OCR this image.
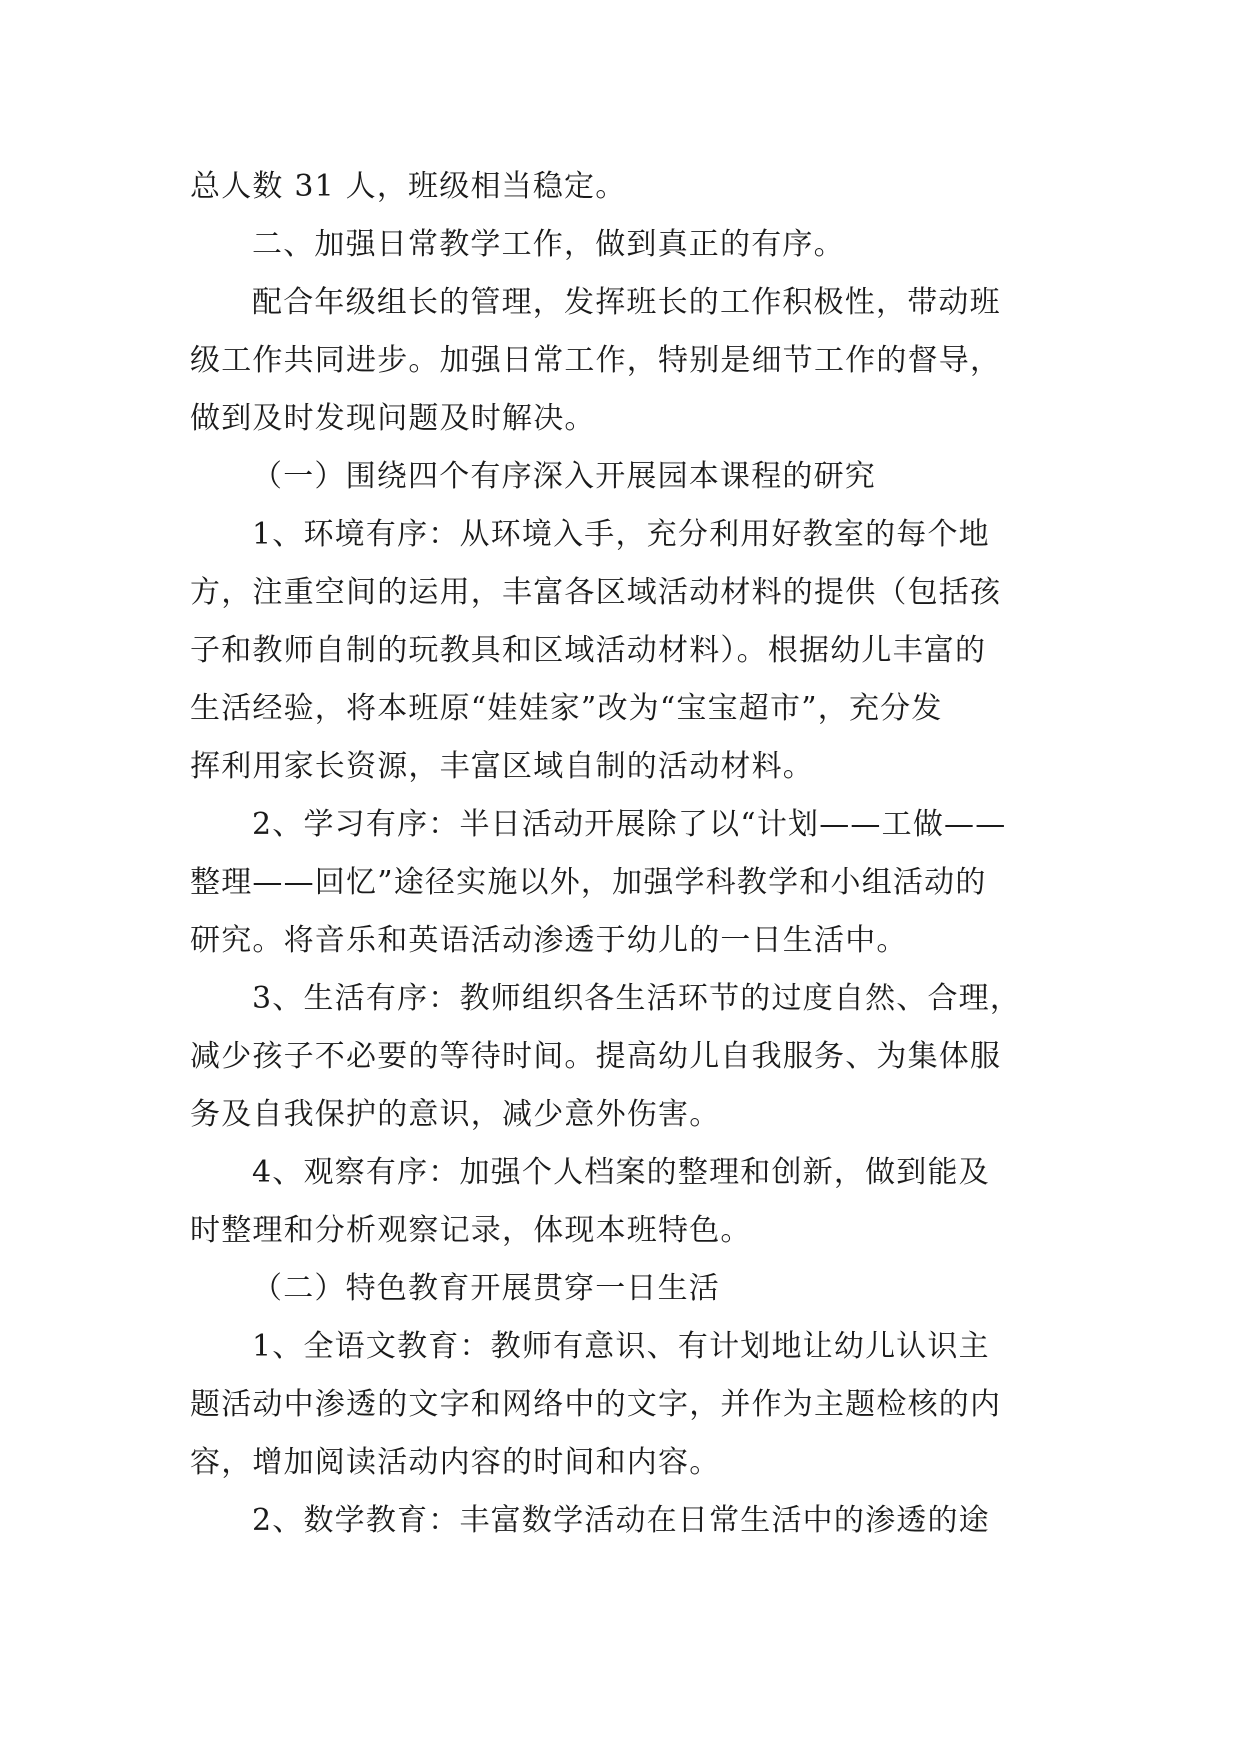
总人数 31 人，班级相当稳定。
二、加强日常教学工作，做到真正的有序。
配合年级组长的管理，发挥班长的工作积极性，带动班
级工作共同进步。加强日常工作，特别是细节工作的督导，
做到及时发现问题及时解决。
（一）围绕四个有序深入开展园本课程的研究
1、环境有序：从环境入手，充分利用好教室的每个地
方，注重空间的运用，丰富各区域活动材料的提供（包括孩
子和教师自制的玩教具和区域活动材料）。根据幼儿丰富的
生活经验，将本班原“娃娃家”改为“宝宝超市”，充分发
挥利用家长资源，丰富区域自制的活动材料。
2、学习有序：半日活动开展除了以“计划——工做——
整理——回忆”途径实施以外，加强学科教学和小组活动的
研究。将音乐和英语活动渗透于幼儿的一日生活中。
3、生活有序：教师组织各生活环节的过度自然、合理，
减少孩子不必要的等待时间。提高幼儿自我服务、为集体服
务及自我保护的意识，减少意外伤害。
4、观察有序：加强个人档案的整理和创新，做到能及
时整理和分析观察记录，体现本班特色。
（二）特色教育开展贯穿一日生活
1、全语文教育：教师有意识、有计划地让幼儿认识主
题活动中渗透的文字和网络中的文字，并作为主题检核的内
容，增加阅读活动内容的时间和内容。
2、数学教育：丰富数学活动在日常生活中的渗透的途
